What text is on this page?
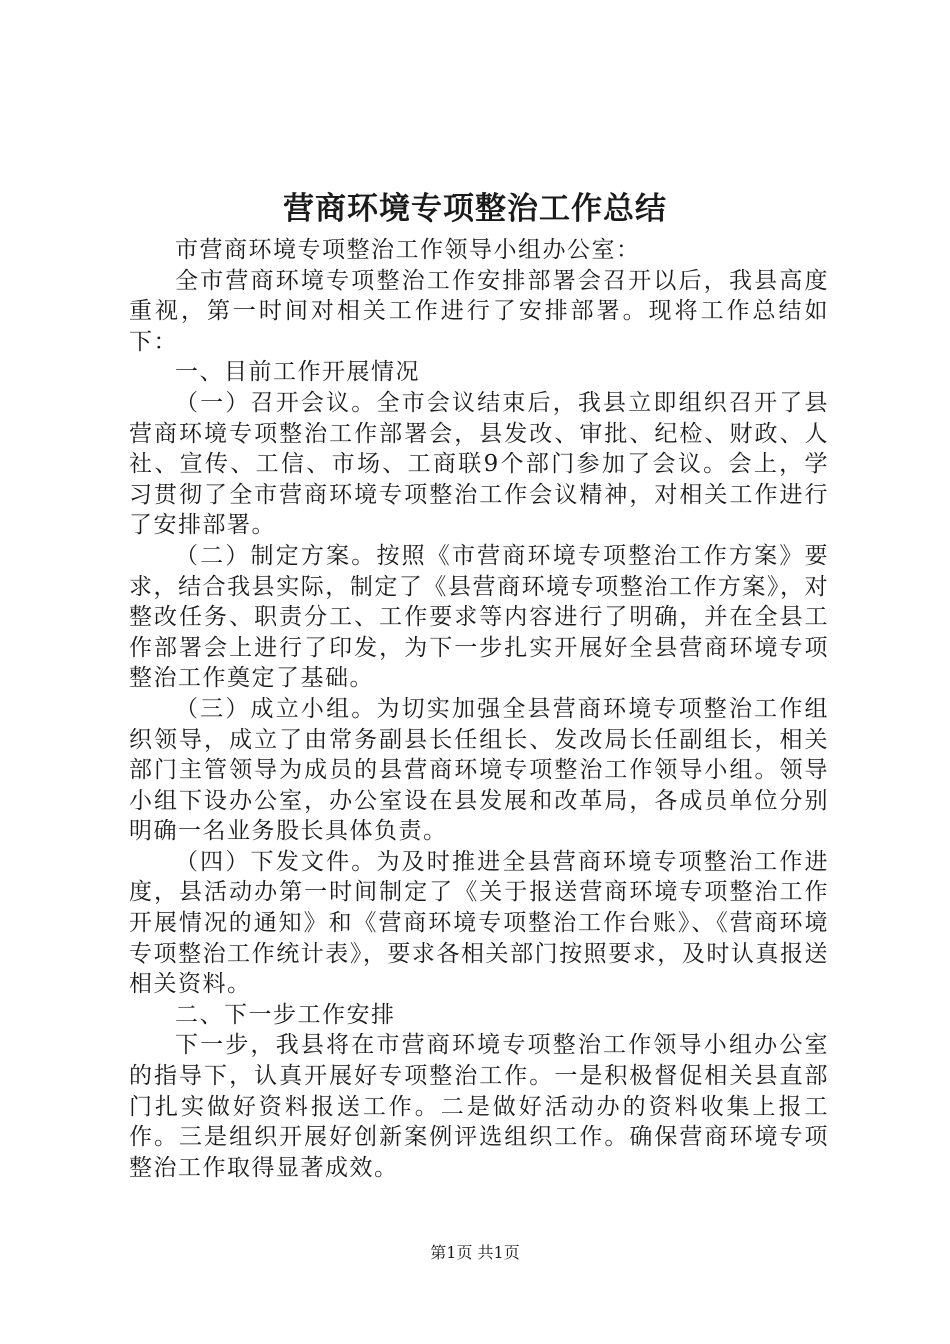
营商环境专项整治工作总结

市营商环境专项整治工作领导小组办公室：

全市营商环境专项整治工作安排部署会召开以后，我县高度重视，第一时间对相关工作进行了安排部署。现将工作总结如下：

一、目前工作开展情况

（一）召开会议。全市会议结束后，我县立即组织召开了县营商环境专项整治工作部署会，县发改、审批、纪检、财政、人社、宣传、工信、市场、工商联9个部门参加了会议。会上，学习贯彻了全市营商环境专项整治工作会议精神，对相关工作进行了安排部署。

（二）制定方案。按照《市营商环境专项整治工作方案》要求，结合我县实际，制定了《县营商环境专项整治工作方案》，对整改任务、职责分工、工作要求等内容进行了明确，并在全县工作部署会上进行了印发，为下一步扎实开展好全县营商环境专项整治工作奠定了基础。

（三）成立小组。为切实加强全县营商环境专项整治工作组织领导，成立了由常务副县长任组长、发改局长任副组长，相关部门主管领导为成员的县营商环境专项整治工作领导小组。领导小组下设办公室，办公室设在县发展和改革局，各成员单位分别明确一名业务股长具体负责。

（四）下发文件。为及时推进全县营商环境专项整治工作进度，县活动办第一时间制定了《关于报送营商环境专项整治工作开展情况的通知》和《营商环境专项整治工作台账》、《营商环境专项整治工作统计表》，要求各相关部门按照要求，及时认真报送相关资料。

二、下一步工作安排

下一步，我县将在市营商环境专项整治工作领导小组办公室的指导下，认真开展好专项整治工作。一是积极督促相关县直部门扎实做好资料报送工作。二是做好活动办的资料收集上报工作。三是组织开展好创新案例评选组织工作。确保营商环境专项整治工作取得显著成效。

第1页 共1页
